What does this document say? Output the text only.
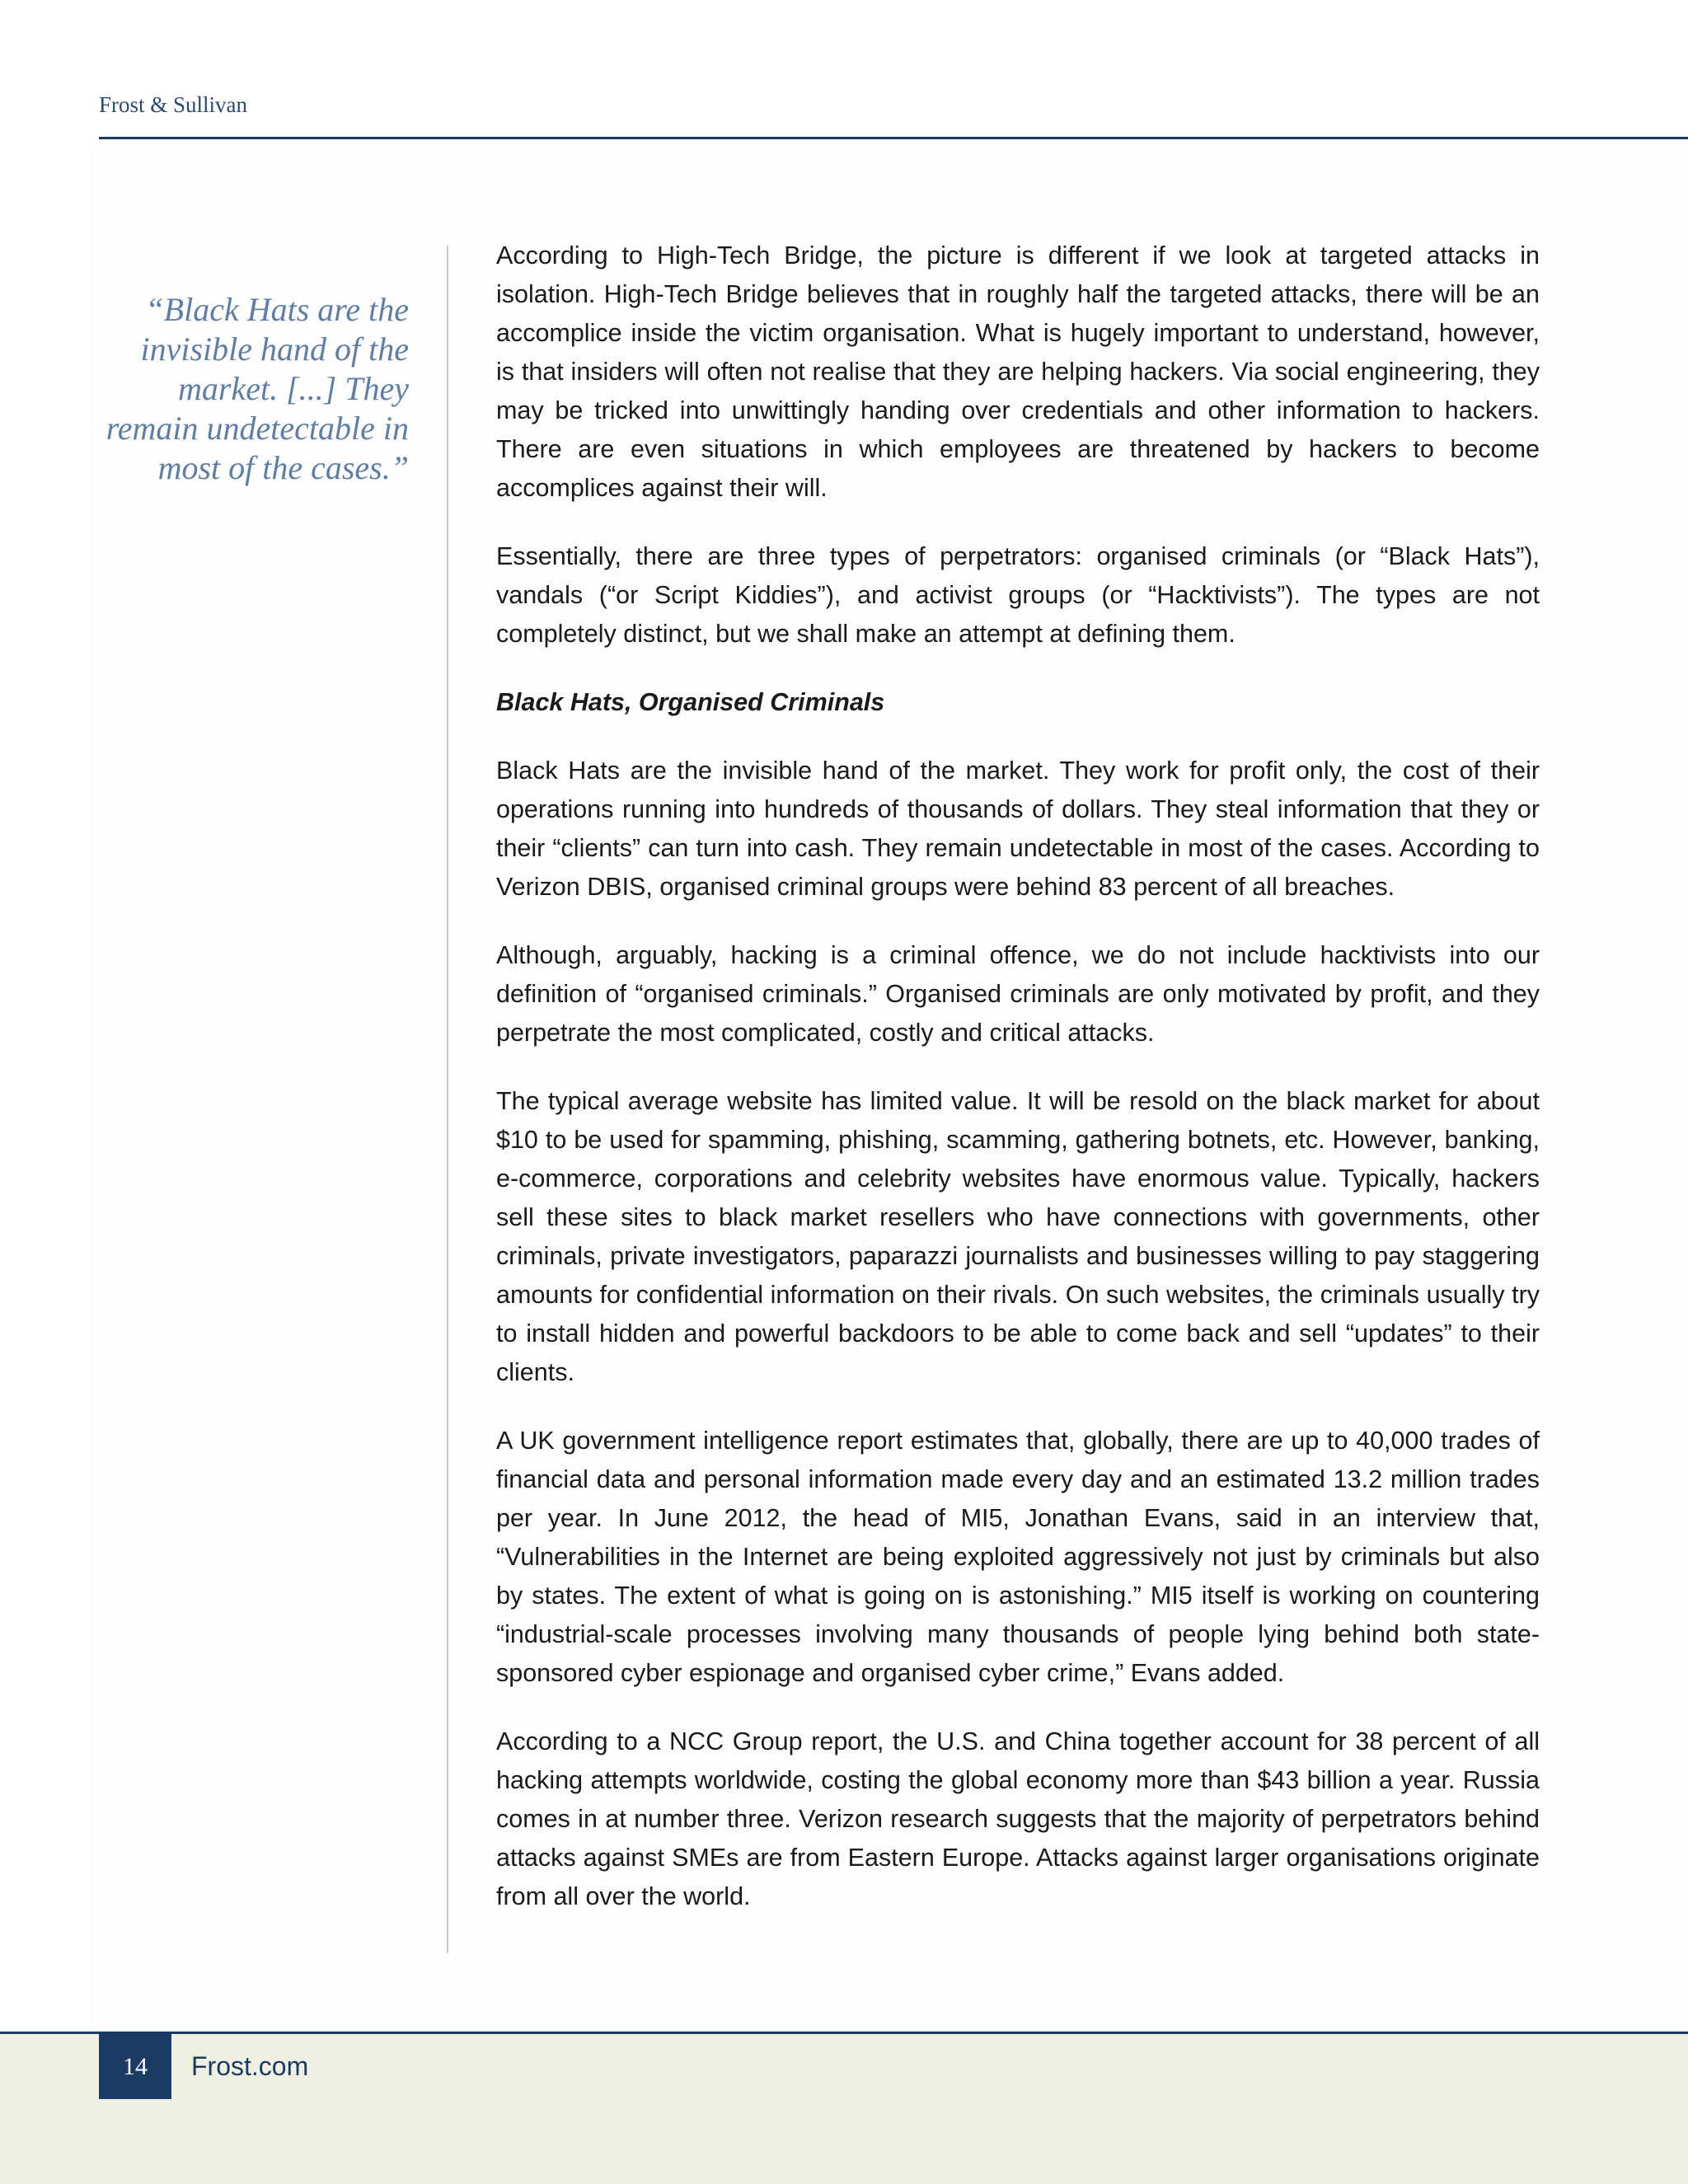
Frost & Sullivan
“Black Hats are the invisible hand of the market. [...] They remain undetectable in most of the cases.”

According to High-Tech Bridge, the picture is different if we look at targeted attacks in isolation. High-Tech Bridge believes that in roughly half the targeted attacks, there will be an accomplice inside the victim organisation. What is hugely important to understand, however, is that insiders will often not realise that they are helping hackers. Via social engineering, they may be tricked into unwittingly handing over credentials and other information to hackers. There are even situations in which employees are threatened by hackers to become accomplices against their will.

Essentially, there are three types of perpetrators: organised criminals (or “Black Hats”), vandals (“or Script Kiddies”), and activist groups (or “Hacktivists”). The types are not completely distinct, but we shall make an attempt at defining them.

Black Hats, Organised Criminals

Black Hats are the invisible hand of the market. They work for profit only, the cost of their operations running into hundreds of thousands of dollars. They steal information that they or their “clients” can turn into cash. They remain undetectable in most of the cases. According to Verizon DBIS, organised criminal groups were behind 83 percent of all breaches.

Although, arguably, hacking is a criminal offence, we do not include hacktivists into our definition of “organised criminals.” Organised criminals are only motivated by profit, and they perpetrate the most complicated, costly and critical attacks.

The typical average website has limited value. It will be resold on the black market for about $10 to be used for spamming, phishing, scamming, gathering botnets, etc. However, banking, e-commerce, corporations and celebrity websites have enormous value. Typically, hackers sell these sites to black market resellers who have connections with governments, other criminals, private investigators, paparazzi journalists and businesses willing to pay staggering amounts for confidential information on their rivals. On such websites, the criminals usually try to install hidden and powerful backdoors to be able to come back and sell “updates” to their clients.

A UK government intelligence report estimates that, globally, there are up to 40,000 trades of financial data and personal information made every day and an estimated 13.2 million trades per year. In June 2012, the head of MI5, Jonathan Evans, said in an interview that, “Vulnerabilities in the Internet are being exploited aggressively not just by criminals but also by states. The extent of what is going on is astonishing.” MI5 itself is working on countering “industrial-scale processes involving many thousands of people lying behind both state-sponsored cyber espionage and organised cyber crime,” Evans added.

According to a NCC Group report, the U.S. and China together account for 38 percent of all hacking attempts worldwide, costing the global economy more than $43 billion a year. Russia comes in at number three. Verizon research suggests that the majority of perpetrators behind attacks against SMEs are from Eastern Europe. Attacks against larger organisations originate from all over the world.

14	Frost.com
